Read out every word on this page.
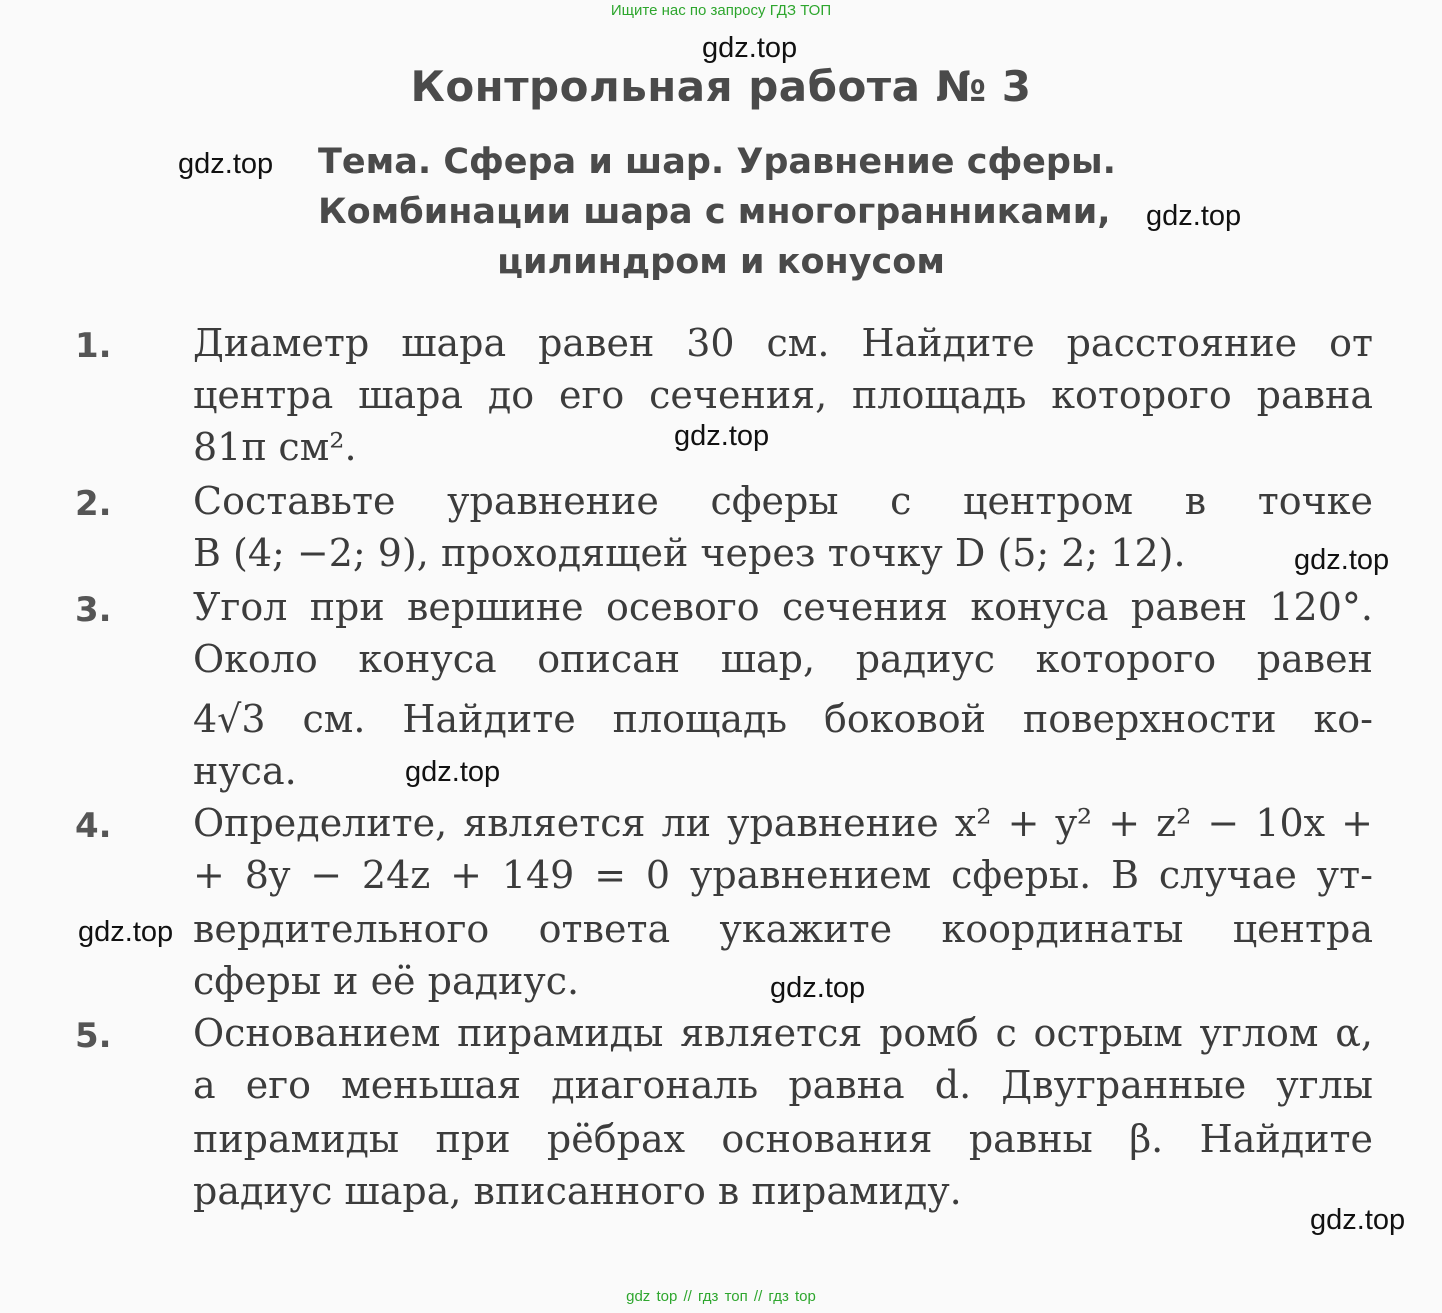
Ищите нас по запросу ГДЗ ТОП
gdz.top
Контрольная работа № 3
gdz.top Тема. Сфера и шар. Уравнение сферы.
Комбинации шара с многогранниками, gdz.top
цилиндром и конусом
1. Диаметр шара равен 30 см. Найдите расстояние от
центра шара до его сечения, площадь которого равна
81π см².	gdz.top
2. Составьте уравнение сферы с центром в точке
B (4; −2; 9), проходящей через точку D (5; 2; 12).	gdz.top
3. Угол при вершине осевого сечения конуса равен 120°.
Около конуса описан шар, радиус которого равен
4√3 см. Найдите площадь боковой поверхности ко-
нуса.	gdz.top
4. Определите, является ли уравнение x² + y² + z² − 10x +
+ 8y − 24z + 149 = 0 уравнением сферы. В случае ут-
gdz.top вердительного ответа укажите координаты центра
сферы и её радиус.	gdz.top
5. Основанием пирамиды является ромб с острым углом α,
а его меньшая диагональ равна d. Двугранные углы
пирамиды при рёбрах основания равны β. Найдите
радиус шара, вписанного в пирамиду.
gdz.top
gdz top // гдз топ // гдз top
